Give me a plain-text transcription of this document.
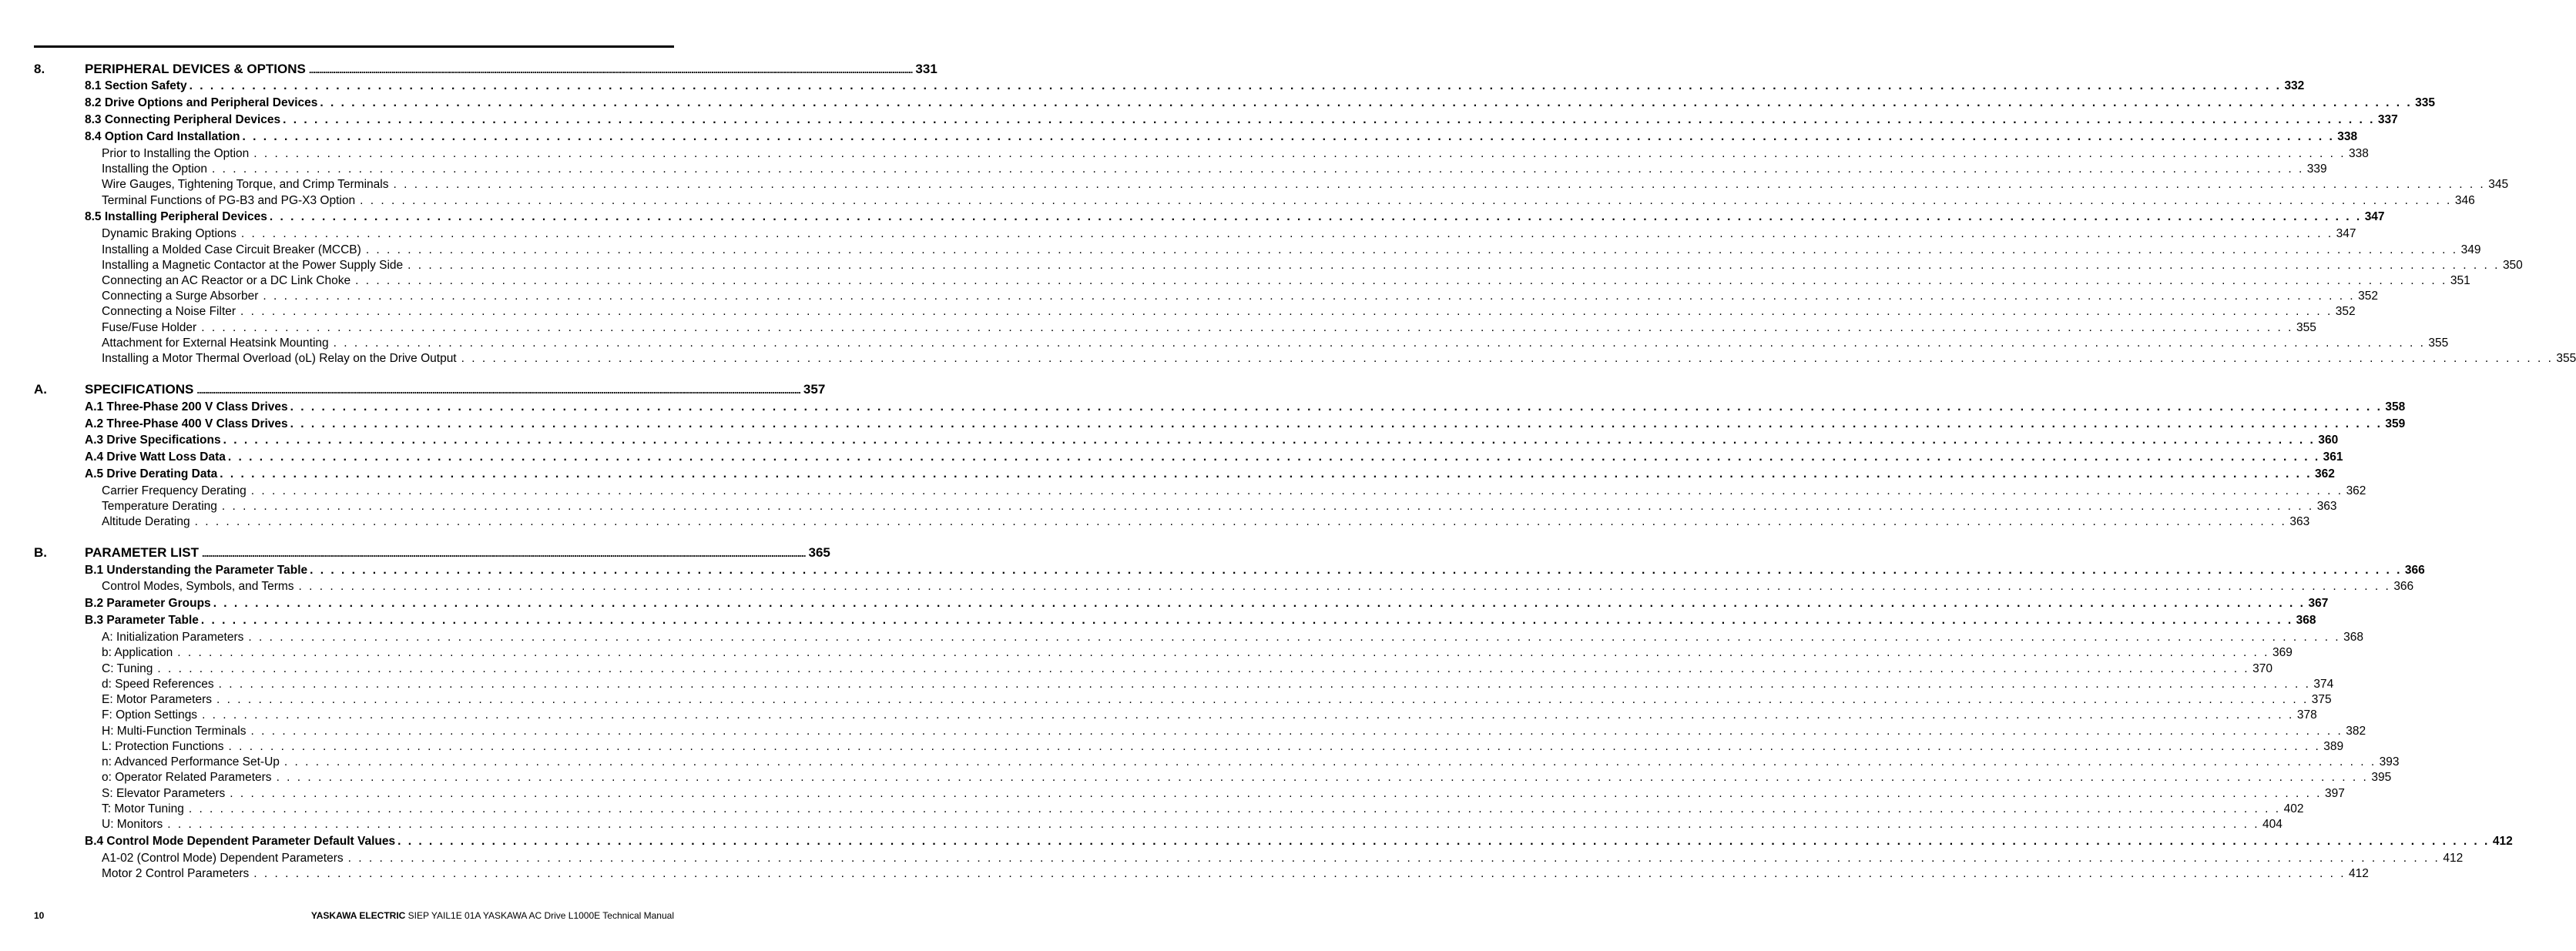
8.	PERIPHERAL DEVICES & OPTIONS ............................................................................................................................................................................................................................................................................................................ 331
8.1 Section Safety . . . . . . . . . . . . . . . . . . . . . . . . . . . . . . . . . . . . . . . . . . . . . . . . . . . . . . . . . . . . . . . . . . . . . . . . . . . . . . . . . . . . . . . . . . . . . . . . . . . . . . . . . . . . . . . . . . . . . . . . . . . . . . . . . . . . . . . . . . . . . . . . . . . . . . . . . . . . . . . . . . . . . . . . . . . . . . . . . . . . . . . . . . . . . . . . . . . . . . . . 332
8.2 Drive Options and Peripheral Devices . . . . . . . . . . . . . . . . . . . . . . . . . . . . . . . . . . . . . . . . . . . . . . . . . . . . . . . . . . . . . . . . . . . . . . . . . . . . . . . . . . . . . . . . . . . . . . . . . . . . . . . . . . . . . . . . . . . . . . . . . . . . . . . . . . . . . . . . . . . . . . . . . . . . . . . . . . . . . . . . . . . . . . . . . . . . . . . . . . . . . . . . . . . . . . . . . . . . . . . . 335
8.3 Connecting Peripheral Devices . . . . . . . . . . . . . . . . . . . . . . . . . . . . . . . . . . . . . . . . . . . . . . . . . . . . . . . . . . . . . . . . . . . . . . . . . . . . . . . . . . . . . . . . . . . . . . . . . . . . . . . . . . . . . . . . . . . . . . . . . . . . . . . . . . . . . . . . . . . . . . . . . . . . . . . . . . . . . . . . . . . . . . . . . . . . . . . . . . . . . . . . . . . . . . . . . . . . . . . . 337
8.4 Option Card Installation . . . . . . . . . . . . . . . . . . . . . . . . . . . . . . . . . . . . . . . . . . . . . . . . . . . . . . . . . . . . . . . . . . . . . . . . . . . . . . . . . . . . . . . . . . . . . . . . . . . . . . . . . . . . . . . . . . . . . . . . . . . . . . . . . . . . . . . . . . . . . . . . . . . . . . . . . . . . . . . . . . . . . . . . . . . . . . . . . . . . . . . . . . . . . . . . . . . . . . . . 338
Prior to Installing the Option . . . . . . . . . . . . . . . . . . . . . . . . . . . . . . . . . . . . . . . . . . . . . . . . . . . . . . . . . . . . . . . . . . . . . . . . . . . . . . . . . . . . . . . . . . . . . . . . . . . . . . . . . . . . . . . . . . . . . . . . . . . . . . . . . . . . . . . . . . . . . . . . . . . . . . . . . . . . . . . . . . . . . . . . . . . . . . . . . . . . . . . . . . . . . . . . . . . . . . . . 338
Installing the Option . . . . . . . . . . . . . . . . . . . . . . . . . . . . . . . . . . . . . . . . . . . . . . . . . . . . . . . . . . . . . . . . . . . . . . . . . . . . . . . . . . . . . . . . . . . . . . . . . . . . . . . . . . . . . . . . . . . . . . . . . . . . . . . . . . . . . . . . . . . . . . . . . . . . . . . . . . . . . . . . . . . . . . . . . . . . . . . . . . . . . . . . . . . . . . . . . . . . . . . . 339
Wire Gauges, Tightening Torque, and Crimp Terminals . . . . . . . . . . . . . . . . . . . . . . . . . . . . . . . . . . . . . . . . . . . . . . . . . . . . . . . . . . . . . . . . . . . . . . . . . . . . . . . . . . . . . . . . . . . . . . . . . . . . . . . . . . . . . . . . . . . . . . . . . . . . . . . . . . . . . . . . . . . . . . . . . . . . . . . . . . . . . . . . . . . . . . . . . . . . . . . . . . . . . . . . . . . . . . . . . . . . . . . . 345
Terminal Functions of PG-B3 and PG-X3 Option . . . . . . . . . . . . . . . . . . . . . . . . . . . . . . . . . . . . . . . . . . . . . . . . . . . . . . . . . . . . . . . . . . . . . . . . . . . . . . . . . . . . . . . . . . . . . . . . . . . . . . . . . . . . . . . . . . . . . . . . . . . . . . . . . . . . . . . . . . . . . . . . . . . . . . . . . . . . . . . . . . . . . . . . . . . . . . . . . . . . . . . . . . . . . . . . . . . . . . . . 346
8.5 Installing Peripheral Devices . . . . . . . . . . . . . . . . . . . . . . . . . . . . . . . . . . . . . . . . . . . . . . . . . . . . . . . . . . . . . . . . . . . . . . . . . . . . . . . . . . . . . . . . . . . . . . . . . . . . . . . . . . . . . . . . . . . . . . . . . . . . . . . . . . . . . . . . . . . . . . . . . . . . . . . . . . . . . . . . . . . . . . . . . . . . . . . . . . . . . . . . . . . . . . . . . . . . . . . . 347
Dynamic Braking Options . . . . . . . . . . . . . . . . . . . . . . . . . . . . . . . . . . . . . . . . . . . . . . . . . . . . . . . . . . . . . . . . . . . . . . . . . . . . . . . . . . . . . . . . . . . . . . . . . . . . . . . . . . . . . . . . . . . . . . . . . . . . . . . . . . . . . . . . . . . . . . . . . . . . . . . . . . . . . . . . . . . . . . . . . . . . . . . . . . . . . . . . . . . . . . . . . . . . . . . . 347
Installing a Molded Case Circuit Breaker (MCCB) . . . . . . . . . . . . . . . . . . . . . . . . . . . . . . . . . . . . . . . . . . . . . . . . . . . . . . . . . . . . . . . . . . . . . . . . . . . . . . . . . . . . . . . . . . . . . . . . . . . . . . . . . . . . . . . . . . . . . . . . . . . . . . . . . . . . . . . . . . . . . . . . . . . . . . . . . . . . . . . . . . . . . . . . . . . . . . . . . . . . . . . . . . . . . . . . . . . . . . . . 349
Installing a Magnetic Contactor at the Power Supply Side . . . . . . . . . . . . . . . . . . . . . . . . . . . . . . . . . . . . . . . . . . . . . . . . . . . . . . . . . . . . . . . . . . . . . . . . . . . . . . . . . . . . . . . . . . . . . . . . . . . . . . . . . . . . . . . . . . . . . . . . . . . . . . . . . . . . . . . . . . . . . . . . . . . . . . . . . . . . . . . . . . . . . . . . . . . . . . . . . . . . . . . . . . . . . . . . . . . . . . . . 350
Connecting an AC Reactor or a DC Link Choke . . . . . . . . . . . . . . . . . . . . . . . . . . . . . . . . . . . . . . . . . . . . . . . . . . . . . . . . . . . . . . . . . . . . . . . . . . . . . . . . . . . . . . . . . . . . . . . . . . . . . . . . . . . . . . . . . . . . . . . . . . . . . . . . . . . . . . . . . . . . . . . . . . . . . . . . . . . . . . . . . . . . . . . . . . . . . . . . . . . . . . . . . . . . . . . . . . . . . . . . 351
Connecting a Surge Absorber . . . . . . . . . . . . . . . . . . . . . . . . . . . . . . . . . . . . . . . . . . . . . . . . . . . . . . . . . . . . . . . . . . . . . . . . . . . . . . . . . . . . . . . . . . . . . . . . . . . . . . . . . . . . . . . . . . . . . . . . . . . . . . . . . . . . . . . . . . . . . . . . . . . . . . . . . . . . . . . . . . . . . . . . . . . . . . . . . . . . . . . . . . . . . . . . . . . . . . . . 352
Connecting a Noise Filter . . . . . . . . . . . . . . . . . . . . . . . . . . . . . . . . . . . . . . . . . . . . . . . . . . . . . . . . . . . . . . . . . . . . . . . . . . . . . . . . . . . . . . . . . . . . . . . . . . . . . . . . . . . . . . . . . . . . . . . . . . . . . . . . . . . . . . . . . . . . . . . . . . . . . . . . . . . . . . . . . . . . . . . . . . . . . . . . . . . . . . . . . . . . . . . . . . . . . . . . 352
Fuse/Fuse Holder . . . . . . . . . . . . . . . . . . . . . . . . . . . . . . . . . . . . . . . . . . . . . . . . . . . . . . . . . . . . . . . . . . . . . . . . . . . . . . . . . . . . . . . . . . . . . . . . . . . . . . . . . . . . . . . . . . . . . . . . . . . . . . . . . . . . . . . . . . . . . . . . . . . . . . . . . . . . . . . . . . . . . . . . . . . . . . . . . . . . . . . . . . . . . . . . . . . . . . . . 355
Attachment for External Heatsink Mounting . . . . . . . . . . . . . . . . . . . . . . . . . . . . . . . . . . . . . . . . . . . . . . . . . . . . . . . . . . . . . . . . . . . . . . . . . . . . . . . . . . . . . . . . . . . . . . . . . . . . . . . . . . . . . . . . . . . . . . . . . . . . . . . . . . . . . . . . . . . . . . . . . . . . . . . . . . . . . . . . . . . . . . . . . . . . . . . . . . . . . . . . . . . . . . . . . . . . . . . . 355
Installing a Motor Thermal Overload (oL) Relay on the Drive Output . . . . . . . . . . . . . . . . . . . . . . . . . . . . . . . . . . . . . . . . . . . . . . . . . . . . . . . . . . . . . . . . . . . . . . . . . . . . . . . . . . . . . . . . . . . . . . . . . . . . . . . . . . . . . . . . . . . . . . . . . . . . . . . . . . . . . . . . . . . . . . . . . . . . . . . . . . . . . . . . . . . . . . . . . . . . . . . . . . . . . . . . . . . . . . . . . . . . . . . . 355
A.	SPECIFICATIONS ............................................................................................................................................................................................................................................................................................................ 357
A.1 Three-Phase 200 V Class Drives . . . . . . . . . . . . . . . . . . . . . . . . . . . . . . . . . . . . . . . . . . . . . . . . . . . . . . . . . . . . . . . . . . . . . . . . . . . . . . . . . . . . . . . . . . . . . . . . . . . . . . . . . . . . . . . . . . . . . . . . . . . . . . . . . . . . . . . . . . . . . . . . . . . . . . . . . . . . . . . . . . . . . . . . . . . . . . . . . . . . . . . . . . . . . . . . . . . . . . . . 358
A.2 Three-Phase 400 V Class Drives . . . . . . . . . . . . . . . . . . . . . . . . . . . . . . . . . . . . . . . . . . . . . . . . . . . . . . . . . . . . . . . . . . . . . . . . . . . . . . . . . . . . . . . . . . . . . . . . . . . . . . . . . . . . . . . . . . . . . . . . . . . . . . . . . . . . . . . . . . . . . . . . . . . . . . . . . . . . . . . . . . . . . . . . . . . . . . . . . . . . . . . . . . . . . . . . . . . . . . . . 359
A.3 Drive Specifications . . . . . . . . . . . . . . . . . . . . . . . . . . . . . . . . . . . . . . . . . . . . . . . . . . . . . . . . . . . . . . . . . . . . . . . . . . . . . . . . . . . . . . . . . . . . . . . . . . . . . . . . . . . . . . . . . . . . . . . . . . . . . . . . . . . . . . . . . . . . . . . . . . . . . . . . . . . . . . . . . . . . . . . . . . . . . . . . . . . . . . . . . . . . . . . . . . . . . . . . 360
A.4 Drive Watt Loss Data . . . . . . . . . . . . . . . . . . . . . . . . . . . . . . . . . . . . . . . . . . . . . . . . . . . . . . . . . . . . . . . . . . . . . . . . . . . . . . . . . . . . . . . . . . . . . . . . . . . . . . . . . . . . . . . . . . . . . . . . . . . . . . . . . . . . . . . . . . . . . . . . . . . . . . . . . . . . . . . . . . . . . . . . . . . . . . . . . . . . . . . . . . . . . . . . . . . . . . . . 361
A.5 Drive Derating Data . . . . . . . . . . . . . . . . . . . . . . . . . . . . . . . . . . . . . . . . . . . . . . . . . . . . . . . . . . . . . . . . . . . . . . . . . . . . . . . . . . . . . . . . . . . . . . . . . . . . . . . . . . . . . . . . . . . . . . . . . . . . . . . . . . . . . . . . . . . . . . . . . . . . . . . . . . . . . . . . . . . . . . . . . . . . . . . . . . . . . . . . . . . . . . . . . . . . . . . . 362
Carrier Frequency Derating . . . . . . . . . . . . . . . . . . . . . . . . . . . . . . . . . . . . . . . . . . . . . . . . . . . . . . . . . . . . . . . . . . . . . . . . . . . . . . . . . . . . . . . . . . . . . . . . . . . . . . . . . . . . . . . . . . . . . . . . . . . . . . . . . . . . . . . . . . . . . . . . . . . . . . . . . . . . . . . . . . . . . . . . . . . . . . . . . . . . . . . . . . . . . . . . . . . . . . . . 362
Temperature Derating . . . . . . . . . . . . . . . . . . . . . . . . . . . . . . . . . . . . . . . . . . . . . . . . . . . . . . . . . . . . . . . . . . . . . . . . . . . . . . . . . . . . . . . . . . . . . . . . . . . . . . . . . . . . . . . . . . . . . . . . . . . . . . . . . . . . . . . . . . . . . . . . . . . . . . . . . . . . . . . . . . . . . . . . . . . . . . . . . . . . . . . . . . . . . . . . . . . . . . . . 363
Altitude Derating . . . . . . . . . . . . . . . . . . . . . . . . . . . . . . . . . . . . . . . . . . . . . . . . . . . . . . . . . . . . . . . . . . . . . . . . . . . . . . . . . . . . . . . . . . . . . . . . . . . . . . . . . . . . . . . . . . . . . . . . . . . . . . . . . . . . . . . . . . . . . . . . . . . . . . . . . . . . . . . . . . . . . . . . . . . . . . . . . . . . . . . . . . . . . . . . . . . . . . . . 363
B.	PARAMETER LIST ............................................................................................................................................................................................................................................................................................................ 365
B.1 Understanding the Parameter Table . . . . . . . . . . . . . . . . . . . . . . . . . . . . . . . . . . . . . . . . . . . . . . . . . . . . . . . . . . . . . . . . . . . . . . . . . . . . . . . . . . . . . . . . . . . . . . . . . . . . . . . . . . . . . . . . . . . . . . . . . . . . . . . . . . . . . . . . . . . . . . . . . . . . . . . . . . . . . . . . . . . . . . . . . . . . . . . . . . . . . . . . . . . . . . . . . . . . . . . . 366
Control Modes, Symbols, and Terms . . . . . . . . . . . . . . . . . . . . . . . . . . . . . . . . . . . . . . . . . . . . . . . . . . . . . . . . . . . . . . . . . . . . . . . . . . . . . . . . . . . . . . . . . . . . . . . . . . . . . . . . . . . . . . . . . . . . . . . . . . . . . . . . . . . . . . . . . . . . . . . . . . . . . . . . . . . . . . . . . . . . . . . . . . . . . . . . . . . . . . . . . . . . . . . . . . . . . . . . 366
B.2 Parameter Groups . . . . . . . . . . . . . . . . . . . . . . . . . . . . . . . . . . . . . . . . . . . . . . . . . . . . . . . . . . . . . . . . . . . . . . . . . . . . . . . . . . . . . . . . . . . . . . . . . . . . . . . . . . . . . . . . . . . . . . . . . . . . . . . . . . . . . . . . . . . . . . . . . . . . . . . . . . . . . . . . . . . . . . . . . . . . . . . . . . . . . . . . . . . . . . . . . . . . . . . . 367
B.3 Parameter Table . . . . . . . . . . . . . . . . . . . . . . . . . . . . . . . . . . . . . . . . . . . . . . . . . . . . . . . . . . . . . . . . . . . . . . . . . . . . . . . . . . . . . . . . . . . . . . . . . . . . . . . . . . . . . . . . . . . . . . . . . . . . . . . . . . . . . . . . . . . . . . . . . . . . . . . . . . . . . . . . . . . . . . . . . . . . . . . . . . . . . . . . . . . . . . . . . . . . . . . . 368
A: Initialization Parameters . . . . . . . . . . . . . . . . . . . . . . . . . . . . . . . . . . . . . . . . . . . . . . . . . . . . . . . . . . . . . . . . . . . . . . . . . . . . . . . . . . . . . . . . . . . . . . . . . . . . . . . . . . . . . . . . . . . . . . . . . . . . . . . . . . . . . . . . . . . . . . . . . . . . . . . . . . . . . . . . . . . . . . . . . . . . . . . . . . . . . . . . . . . . . . . . . . . . . . . . 368
b: Application . . . . . . . . . . . . . . . . . . . . . . . . . . . . . . . . . . . . . . . . . . . . . . . . . . . . . . . . . . . . . . . . . . . . . . . . . . . . . . . . . . . . . . . . . . . . . . . . . . . . . . . . . . . . . . . . . . . . . . . . . . . . . . . . . . . . . . . . . . . . . . . . . . . . . . . . . . . . . . . . . . . . . . . . . . . . . . . . . . . . . . . . . . . . . . . . . . . . . . . . 369
C: Tuning . . . . . . . . . . . . . . . . . . . . . . . . . . . . . . . . . . . . . . . . . . . . . . . . . . . . . . . . . . . . . . . . . . . . . . . . . . . . . . . . . . . . . . . . . . . . . . . . . . . . . . . . . . . . . . . . . . . . . . . . . . . . . . . . . . . . . . . . . . . . . . . . . . . . . . . . . . . . . . . . . . . . . . . . . . . . . . . . . . . . . . . . . . . . . . . . . . . . . . . . 370
d: Speed References . . . . . . . . . . . . . . . . . . . . . . . . . . . . . . . . . . . . . . . . . . . . . . . . . . . . . . . . . . . . . . . . . . . . . . . . . . . . . . . . . . . . . . . . . . . . . . . . . . . . . . . . . . . . . . . . . . . . . . . . . . . . . . . . . . . . . . . . . . . . . . . . . . . . . . . . . . . . . . . . . . . . . . . . . . . . . . . . . . . . . . . . . . . . . . . . . . . . . . . . 374
E: Motor Parameters . . . . . . . . . . . . . . . . . . . . . . . . . . . . . . . . . . . . . . . . . . . . . . . . . . . . . . . . . . . . . . . . . . . . . . . . . . . . . . . . . . . . . . . . . . . . . . . . . . . . . . . . . . . . . . . . . . . . . . . . . . . . . . . . . . . . . . . . . . . . . . . . . . . . . . . . . . . . . . . . . . . . . . . . . . . . . . . . . . . . . . . . . . . . . . . . . . . . . . . . 375
F: Option Settings . . . . . . . . . . . . . . . . . . . . . . . . . . . . . . . . . . . . . . . . . . . . . . . . . . . . . . . . . . . . . . . . . . . . . . . . . . . . . . . . . . . . . . . . . . . . . . . . . . . . . . . . . . . . . . . . . . . . . . . . . . . . . . . . . . . . . . . . . . . . . . . . . . . . . . . . . . . . . . . . . . . . . . . . . . . . . . . . . . . . . . . . . . . . . . . . . . . . . . . . 378
H: Multi-Function Terminals . . . . . . . . . . . . . . . . . . . . . . . . . . . . . . . . . . . . . . . . . . . . . . . . . . . . . . . . . . . . . . . . . . . . . . . . . . . . . . . . . . . . . . . . . . . . . . . . . . . . . . . . . . . . . . . . . . . . . . . . . . . . . . . . . . . . . . . . . . . . . . . . . . . . . . . . . . . . . . . . . . . . . . . . . . . . . . . . . . . . . . . . . . . . . . . . . . . . . . . . 382
L: Protection Functions . . . . . . . . . . . . . . . . . . . . . . . . . . . . . . . . . . . . . . . . . . . . . . . . . . . . . . . . . . . . . . . . . . . . . . . . . . . . . . . . . . . . . . . . . . . . . . . . . . . . . . . . . . . . . . . . . . . . . . . . . . . . . . . . . . . . . . . . . . . . . . . . . . . . . . . . . . . . . . . . . . . . . . . . . . . . . . . . . . . . . . . . . . . . . . . . . . . . . . . . 389
n: Advanced Performance Set-Up . . . . . . . . . . . . . . . . . . . . . . . . . . . . . . . . . . . . . . . . . . . . . . . . . . . . . . . . . . . . . . . . . . . . . . . . . . . . . . . . . . . . . . . . . . . . . . . . . . . . . . . . . . . . . . . . . . . . . . . . . . . . . . . . . . . . . . . . . . . . . . . . . . . . . . . . . . . . . . . . . . . . . . . . . . . . . . . . . . . . . . . . . . . . . . . . . . . . . . . . 393
o: Operator Related Parameters . . . . . . . . . . . . . . . . . . . . . . . . . . . . . . . . . . . . . . . . . . . . . . . . . . . . . . . . . . . . . . . . . . . . . . . . . . . . . . . . . . . . . . . . . . . . . . . . . . . . . . . . . . . . . . . . . . . . . . . . . . . . . . . . . . . . . . . . . . . . . . . . . . . . . . . . . . . . . . . . . . . . . . . . . . . . . . . . . . . . . . . . . . . . . . . . . . . . . . . . 395
S: Elevator Parameters . . . . . . . . . . . . . . . . . . . . . . . . . . . . . . . . . . . . . . . . . . . . . . . . . . . . . . . . . . . . . . . . . . . . . . . . . . . . . . . . . . . . . . . . . . . . . . . . . . . . . . . . . . . . . . . . . . . . . . . . . . . . . . . . . . . . . . . . . . . . . . . . . . . . . . . . . . . . . . . . . . . . . . . . . . . . . . . . . . . . . . . . . . . . . . . . . . . . . . . . 397
T: Motor Tuning . . . . . . . . . . . . . . . . . . . . . . . . . . . . . . . . . . . . . . . . . . . . . . . . . . . . . . . . . . . . . . . . . . . . . . . . . . . . . . . . . . . . . . . . . . . . . . . . . . . . . . . . . . . . . . . . . . . . . . . . . . . . . . . . . . . . . . . . . . . . . . . . . . . . . . . . . . . . . . . . . . . . . . . . . . . . . . . . . . . . . . . . . . . . . . . . . . . . . . . . 402
U: Monitors . . . . . . . . . . . . . . . . . . . . . . . . . . . . . . . . . . . . . . . . . . . . . . . . . . . . . . . . . . . . . . . . . . . . . . . . . . . . . . . . . . . . . . . . . . . . . . . . . . . . . . . . . . . . . . . . . . . . . . . . . . . . . . . . . . . . . . . . . . . . . . . . . . . . . . . . . . . . . . . . . . . . . . . . . . . . . . . . . . . . . . . . . . . . . . . . . . . . . . . . 404
B.4 Control Mode Dependent Parameter Default Values . . . . . . . . . . . . . . . . . . . . . . . . . . . . . . . . . . . . . . . . . . . . . . . . . . . . . . . . . . . . . . . . . . . . . . . . . . . . . . . . . . . . . . . . . . . . . . . . . . . . . . . . . . . . . . . . . . . . . . . . . . . . . . . . . . . . . . . . . . . . . . . . . . . . . . . . . . . . . . . . . . . . . . . . . . . . . . . . . . . . . . . . . . . . . . . . . . . . . . . . 412
A1-02 (Control Mode) Dependent Parameters . . . . . . . . . . . . . . . . . . . . . . . . . . . . . . . . . . . . . . . . . . . . . . . . . . . . . . . . . . . . . . . . . . . . . . . . . . . . . . . . . . . . . . . . . . . . . . . . . . . . . . . . . . . . . . . . . . . . . . . . . . . . . . . . . . . . . . . . . . . . . . . . . . . . . . . . . . . . . . . . . . . . . . . . . . . . . . . . . . . . . . . . . . . . . . . . . . . . . . . . 412
Motor 2 Control Parameters . . . . . . . . . . . . . . . . . . . . . . . . . . . . . . . . . . . . . . . . . . . . . . . . . . . . . . . . . . . . . . . . . . . . . . . . . . . . . . . . . . . . . . . . . . . . . . . . . . . . . . . . . . . . . . . . . . . . . . . . . . . . . . . . . . . . . . . . . . . . . . . . . . . . . . . . . . . . . . . . . . . . . . . . . . . . . . . . . . . . . . . . . . . . . . . . . . . . . . . . 412
10	YASKAWA ELECTRIC SIEP YAIL1E 01A YASKAWA AC Drive L1000E Technical Manual
